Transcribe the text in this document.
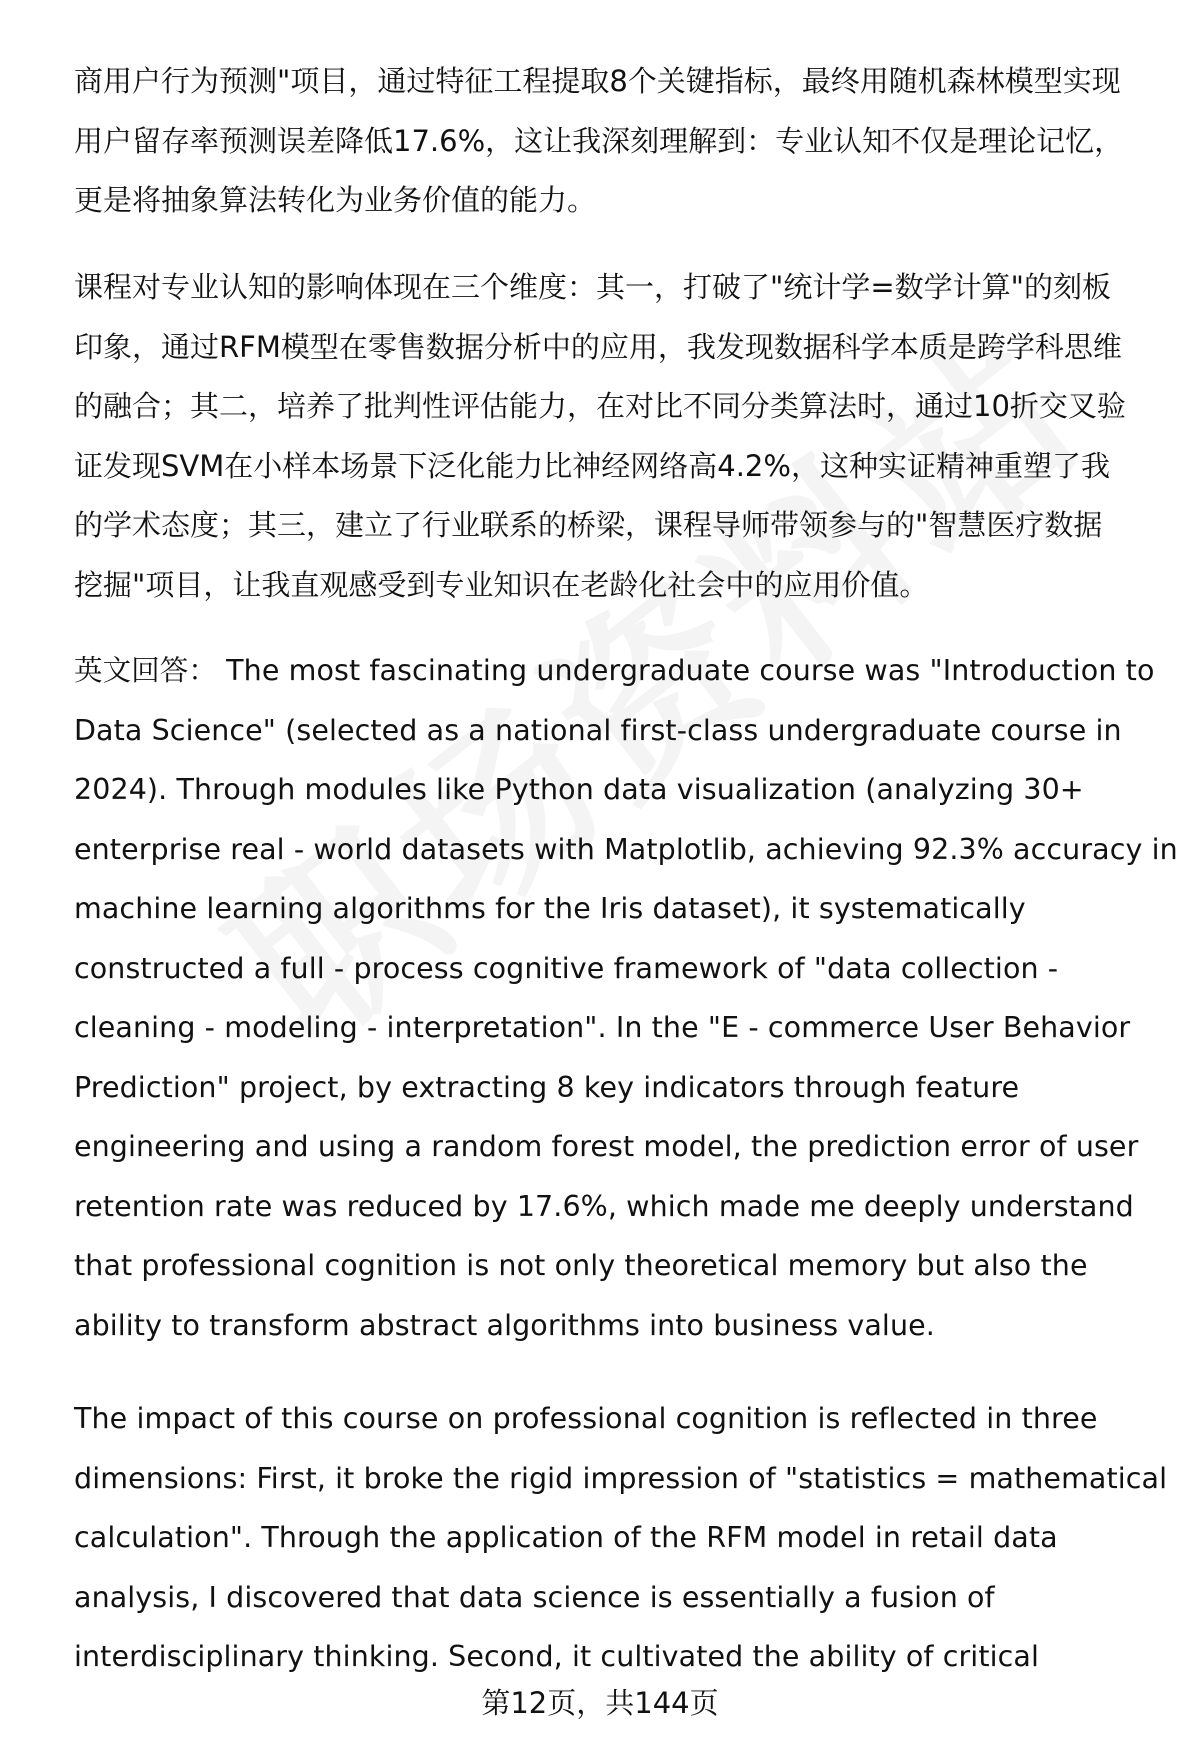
商用户行为预测"项目，通过特征工程提取8个关键指标，最终用随机森林模型实现
用户留存率预测误差降低17.6%，这让我深刻理解到：专业认知不仅是理论记忆，
更是将抽象算法转化为业务价值的能力。
课程对专业认知的影响体现在三个维度：其一，打破了"统计学=数学计算"的刻板
印象，通过RFM模型在零售数据分析中的应用，我发现数据科学本质是跨学科思维
的融合；其二，培养了批判性评估能力，在对比不同分类算法时，通过10折交叉验
证发现SVM在小样本场景下泛化能力比神经网络高4.2%，这种实证精神重塑了我
的学术态度；其三，建立了行业联系的桥梁，课程导师带领参与的"智慧医疗数据
挖掘"项目，让我直观感受到专业知识在老龄化社会中的应用价值。
英文回答： The most fascinating undergraduate course was "Introduction to
Data Science" (selected as a national first-class undergraduate course in
2024). Through modules like Python data visualization (analyzing 30+
enterprise real - world datasets with Matplotlib, achieving 92.3% accuracy in
machine learning algorithms for the Iris dataset), it systematically
constructed a full - process cognitive framework of "data collection -
cleaning - modeling - interpretation". In the "E - commerce User Behavior
Prediction" project, by extracting 8 key indicators through feature
engineering and using a random forest model, the prediction error of user
retention rate was reduced by 17.6%, which made me deeply understand
that professional cognition is not only theoretical memory but also the
ability to transform abstract algorithms into business value.
The impact of this course on professional cognition is reflected in three
dimensions: First, it broke the rigid impression of "statistics = mathematical
calculation". Through the application of the RFM model in retail data
analysis, I discovered that data science is essentially a fusion of
interdisciplinary thinking. Second, it cultivated the ability of critical
第12页，共144页
